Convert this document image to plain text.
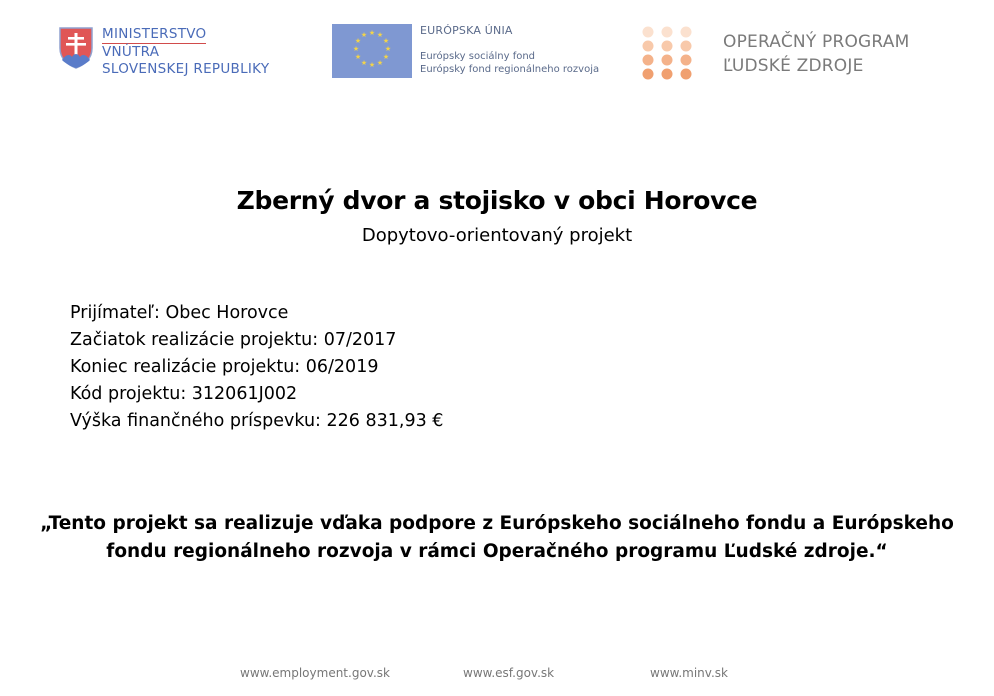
MINISTERSTVO
VNÚTRA
SLOVENSKEJ REPUBLIKY
★ ★
★
★
★
★
★
★
★
★
★
★	EURÓPSKA ÚNIA
Európsky sociálny fond
Európsky fond regionálneho rozvoja
OPERAČNÝ PROGRAM
ĽUDSKÉ ZDROJE
Zberný dvor a stojisko v obci Horovce
Dopytovo-orientovaný projekt
Prijímateľ: Obec Horovce
Začiatok realizácie projektu: 07/2017
Koniec realizácie projektu: 06/2019
Kód projektu: 312061J002
Výška finančného príspevku: 226 831,93 €
„Tento projekt sa realizuje vďaka podpore z Európskeho sociálneho fondu a Európskeho
fondu regionálneho rozvoja v rámci Operačného programu Ľudské zdroje.“
www.employment.gov.sk	www.esf.gov.sk	www.minv.sk
